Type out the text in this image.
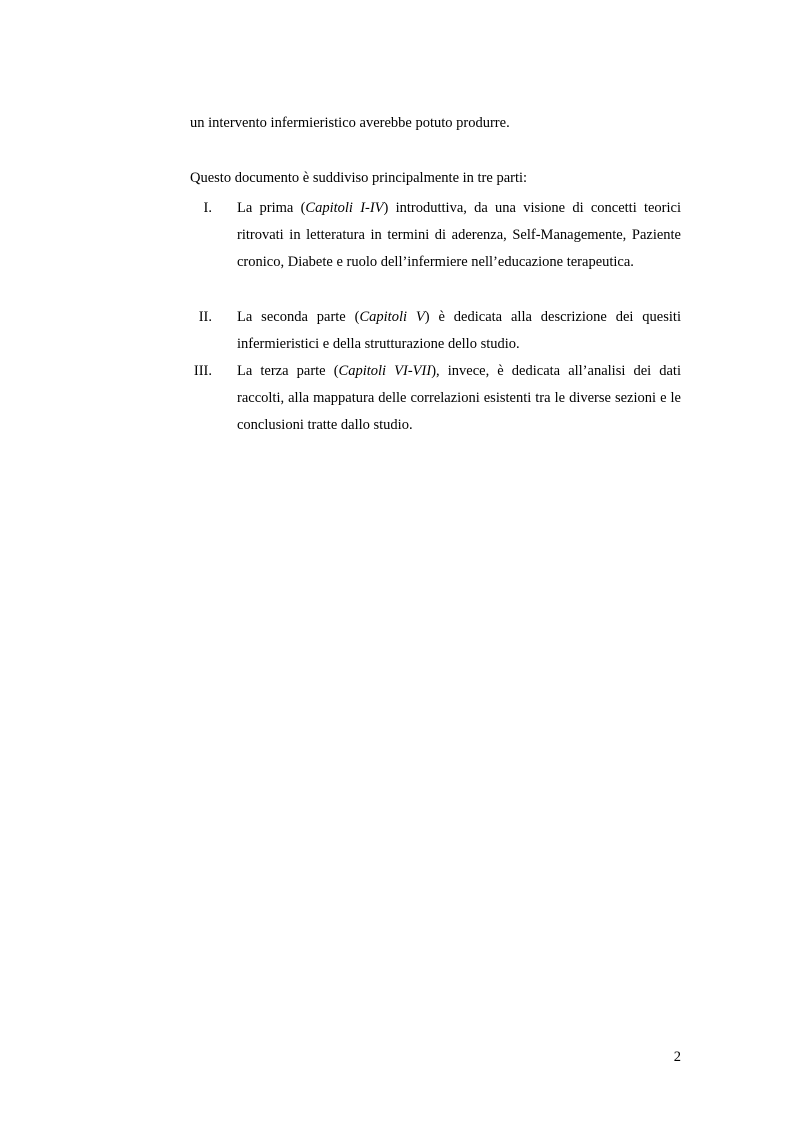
un intervento infermieristico averebbe potuto produrre.
Questo documento è suddiviso principalmente in tre parti:
I. La prima (Capitoli I-IV) introduttiva, da una visione di concetti teorici ritrovati in letteratura in termini di aderenza, Self-Managemente, Paziente cronico, Diabete e ruolo dell’infermiere nell’educazione terapeutica.

II. La seconda parte (Capitoli V) è dedicata alla descrizione dei quesiti infermieristici e della strutturazione dello studio.

III. La terza parte (Capitoli VI-VII), invece, è dedicata all’analisi dei dati raccolti, alla mappatura delle correlazioni esistenti tra le diverse sezioni e le conclusioni tratte dallo studio.

2
